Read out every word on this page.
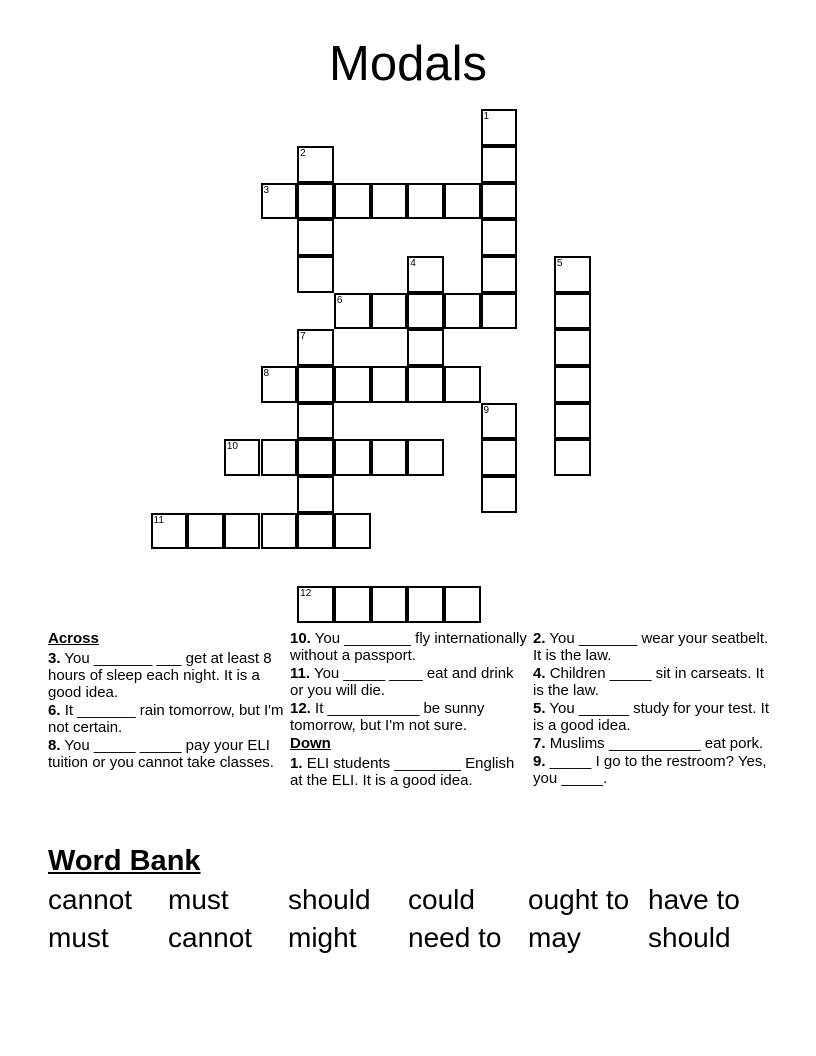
Modals
1
2
3
4	5
6
7
8
9
10
11
12
Across
3. You _______ ___ get at least 8 hours of sleep each night. It is a good idea.
6. It _______ rain tomorrow, but I'm not certain.
8. You _____ _____ pay your ELI tuition or you cannot take classes.
10. You ________ fly internationally without a passport.
11. You _____ ____ eat and drink or you will die.
12. It ___________ be sunny tomorrow, but I'm not sure.
Down
1. ELI students ________ English at the ELI. It is a good idea.
2. You _______ wear your seatbelt. It is the law.
4. Children _____ sit in carseats. It is the law.
5. You ______ study for your test. It is a good idea.
7. Muslims ___________ eat pork.
9. _____ I go to the restroom? Yes, you _____.
Word Bank
cannot must should could ought to have to
must cannot might need to may should
